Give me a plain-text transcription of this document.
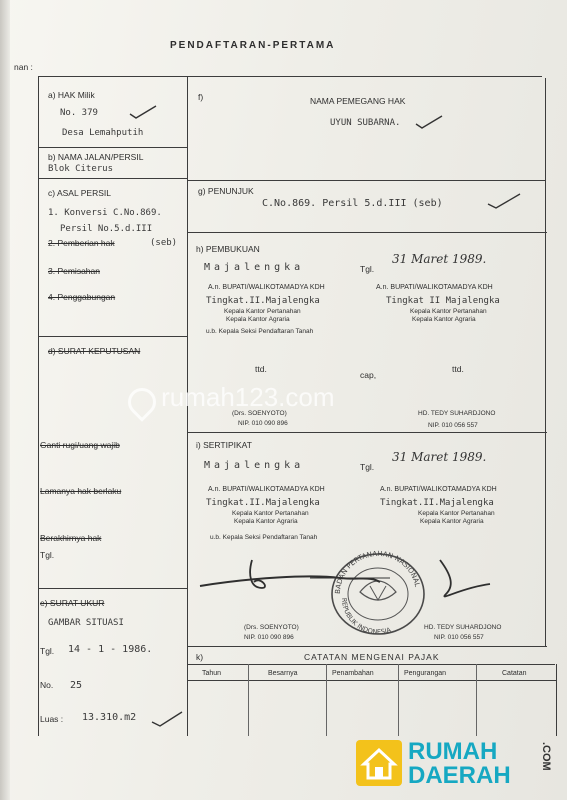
PENDAFTARAN-PERTAMA
nan :
a) HAK Milik
No. 379
Desa Lemahputih
b) NAMA JALAN/PERSIL
Blok Citerus
c) ASAL PERSIL
1. Konversi C.No.869.
Persil No.5.d.III
2. Pemberian hak	(seb)
3. Pemisahan
4. Penggabungan
d) SURAT KEPUTUSAN
Ganti rugi/uang wajib
Lamanya hak berlaku
Berakhirnya hak
Tgl.
e) SURAT UKUR
GAMBAR SITUASI
Tgl. 14 - 1 - 1986.
No. 25
Luas : 13.310.m2
f)	NAMA PEMEGANG HAK
UYUN SUBARNA.
g) PENUNJUK
C.No.869. Persil 5.d.III (seb)
h) PEMBUKUAN
Majalengka	Tgl.
31 Maret 1989.
A.n. BUPATI/WALIKOTAMADYA KDH
Tingkat.II.Majalengka
Kepala Kantor Pertanahan
Kepala Kantor Agraria
u.b. Kepala Seksi Pendaftaran Tanah
A.n. BUPATI/WALIKOTAMADYA KDH
Tingkat II Majalengka
Kepala Kantor Pertanahan
Kepala Kantor Agraria
ttd.
cap,
ttd.
(Drs. SOENYOTO)
NIP. 010 090 896
HD. TEDY SUHARDJONO
NIP. 010 056 557
i) SERTIPIKAT
Majalengka	Tgl.
31 Maret 1989.
A.n. BUPATI/WALIKOTAMADYA KDH
Tingkat.II.Majalengka
Kepala Kantor Pertanahan
Kepala Kantor Agraria
u.b. Kepala Seksi Pendaftaran Tanah
A.n. BUPATI/WALIKOTAMADYA KDH
Tingkat.II.Majalengka
Kepala Kantor Pertanahan
Kepala Kantor Agraria
(Drs. SOENYOTO)
NIP. 010 090 896
HD. TEDY SUHARDJONO
NIP. 010 056 557
BADAN PERTANAHAN NASIONAL
REPUBLIK INDONESIA
k)	CATATAN MENGENAI PAJAK
Tahun	Besarnya	Penambahan	Pengurangan	Catatan
rumah123.com
RUMAH
DAERAH
.COM
